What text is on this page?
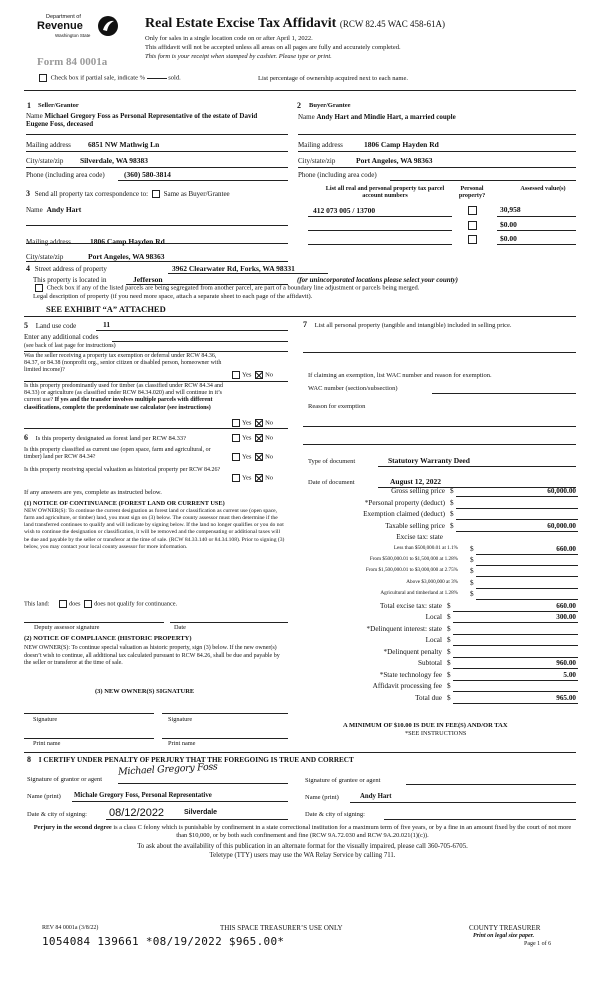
Department of
Revenue
Washington State
Form 84 0001a
Real Estate Excise Tax Affidavit (RCW 82.45 WAC 458-61A)
Only for sales in a single location code on or after April 1, 2022.
This affidavit will not be accepted unless all areas on all pages are fully and accurately completed.
This form is your receipt when stamped by cashier. Please type or print.
Check box if partial sale, indicate %	sold.	List percentage of ownership acquired next to each name.
1 Seller/Grantor
Name Michael Gregory Foss as Personal Representative of the estate of David Eugene Foss, deceased
Mailing address 6851 NW Mathwig Ln
City/state/zip Silverdale, WA 98383
Phone (including area code)	(360) 580-3814
2 Buyer/Grantee
Name Andy Hart and Mindie Hart, a married couple
Mailing address	1806 Camp Hayden Rd
City/state/zip	Port Angeles, WA 98363
Phone (including area code)
3 Send all property tax correspondence to: Same as Buyer/Grantee
Name Andy Hart
Mailing address	1806 Camp Hayden Rd
City/state/zip	Port Angeles, WA 98363
List all real and personal property tax parcel account numbers
Personal property?
Assessed value(s)
412 073 005 / 13700	30,958
$0.00
$0.00
4 Street address of property	3962 Clearwater Rd, Forks, WA 98331
This property is located in	Jefferson	(for unincorporated locations please select your county)
Check box if any of the listed parcels are being segregated from another parcel, are part of a boundary line adjustment or parcels being merged.
Legal description of property (if you need more space, attach a separate sheet to each page of the affidavit).
SEE EXHIBIT “A” ATTACHED
5 Land use code	11
Enter any additional codes
(see back of last page for instructions)
Was the seller receiving a property tax exemption or deferral under RCW 84.36, 84.37, or 84.38 (nonprofit org., senior citizen or disabled person, homeowner with limited income)?
Yes No
Is this property predominantly used for timber (as classified under RCW 84.34 and 84.33) or agriculture (as classified under RCW 84.34.020) and will continue in it’s current use? If yes and the transfer involves multiple parcels with different classifications, complete the predominate use calculator (see instructions)
Yes No
6 Is this property designated as forest land per RCW 84.33?	Yes No
Is this property classified as current use (open space, farm and agricultural, or timber) land per RCW 84.34?	Yes No
Is this property receiving special valuation as historical property per RCW 84.26?
Yes No
If any answers are yes, complete as instructed below.
(1) NOTICE OF CONTINUANCE (FOREST LAND OR CURRENT USE)
NEW OWNER(S): To continue the current designation as forest land or classification as current use (open space, farm and agriculture, or timber) land, you must sign on (3) below. The county assessor must then determine if the land transferred continues to qualify and will indicate by signing below. If the land no longer qualifies or you do not wish to continue the designation or classification, it will be removed and the compensating or additional taxes will be due and payable by the seller or transferor at the time of sale. (RCW 84.33.140 or 84.34.108). Prior to signing (3) below, you may contact your local county assessor for more information.
This land:	does does not qualify for continuance.
Deputy assessor signature	Date
(2) NOTICE OF COMPLIANCE (HISTORIC PROPERTY)
NEW OWNER(S): To continue special valuation as historic property, sign (3) below. If the new owner(s) doesn’t wish to continue, all additional tax calculated pursuant to RCW 84.26, shall be due and payable by the seller or transferor at the time of sale.
(3) NEW OWNER(S) SIGNATURE
Signature	Signature
Print name	Print name
7 List all personal property (tangible and intangible) included in selling price.
If claiming an exemption, list WAC number and reason for exemption.
WAC number (section/subsection)
Reason for exemption
Type of document	Statutory Warranty Deed
Date of document	August 12, 2022
Gross selling price $	60,000.00
*Personal property (deduct) $
Exemption claimed (deduct) $
Taxable selling price $	60,000.00
Excise tax: state
Less than $500,000.01 at 1.1% $	660.00
From $500,000.01 to $1,500,000 at 1.28% $
From $1,500,000.01 to $3,000,000 at 2.75% $
Above $3,000,000 at 3% $
Agricultural and timberland at 1.28% $
Total excise tax: state $	660.00
Local $	300.00
*Delinquent interest: state $
Local $
*Delinquent penalty $
Subtotal $	960.00
*State technology fee $	5.00
Affidavit processing fee $
Total due $	965.00
A MINIMUM OF $10.00 IS DUE IN FEE(S) AND/OR TAX
*SEE INSTRUCTIONS
8 I CERTIFY UNDER PENALTY OF PERJURY THAT THE FOREGOING IS TRUE AND CORRECT
Michael Gregory Foss
Signature of grantor or agent	Signature of grantee or agent
Name (print) Michale Gregory Foss, Personal Representative	Name (print)	Andy Hart
Date & city of signing: 08/12/2022	Silverdale	Date & city of signing:
Perjury in the second degree is a class C felony which is punishable by confinement in a state correctional institution for a maximum term of five years, or by a fine in an amount fixed by the court of not more than $10,000, or by both such confinement and fine (RCW 9A.72.030 and RCW 9A.20.021(1)(c)).
To ask about the availability of this publication in an alternate format for the visually impaired, please call 360-705-6705. Teletype (TTY) users may use the WA Relay Service by calling 711.
REV 84 0001a (3/8/22)	THIS SPACE TREASURER’S USE ONLY	COUNTY TREASURER
Print on legal size paper.
Page 1 of 6
1054084 139661 *08/19/2022 $965.00*
